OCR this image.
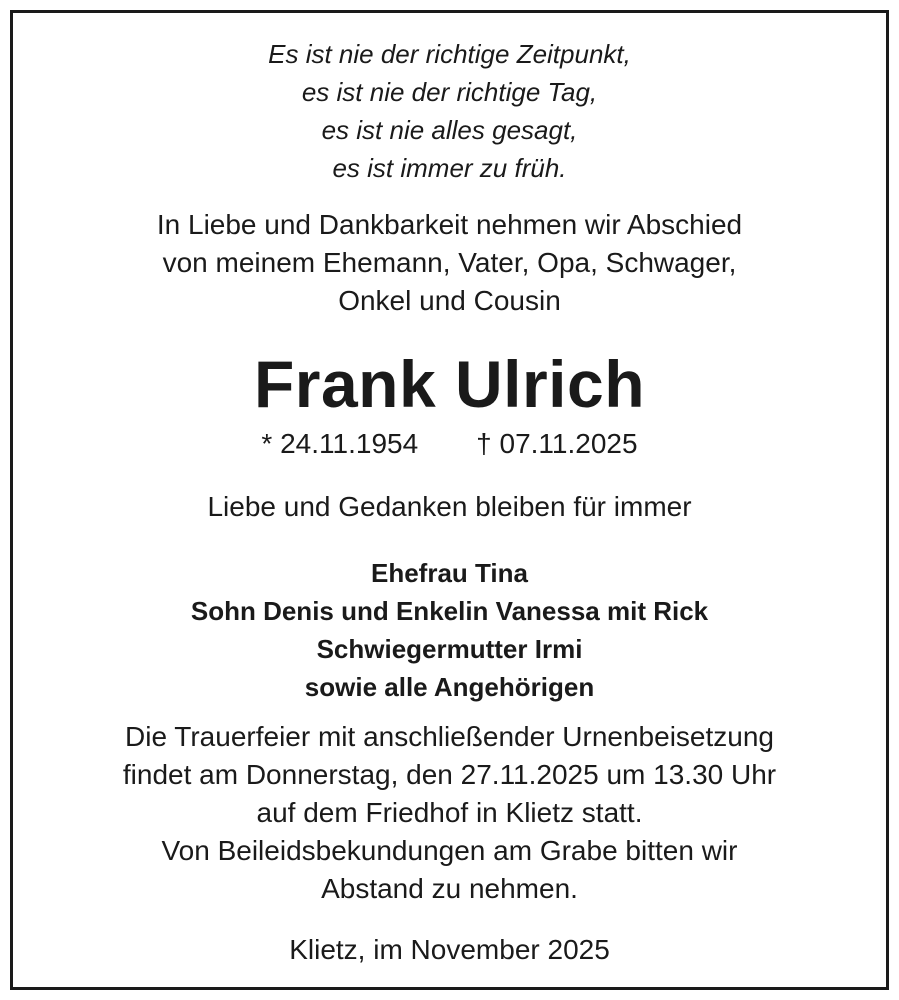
Es ist nie der richtige Zeitpunkt,
es ist nie der richtige Tag,
es ist nie alles gesagt,
es ist immer zu früh.
In Liebe und Dankbarkeit nehmen wir Abschied
von meinem Ehemann, Vater, Opa, Schwager,
Onkel und Cousin
Frank Ulrich
* 24.11.1954 † 07.11.2025
Liebe und Gedanken bleiben für immer
Ehefrau Tina
Sohn Denis und Enkelin Vanessa mit Rick
Schwiegermutter Irmi
sowie alle Angehörigen
Die Trauerfeier mit anschließender Urnenbeisetzung
findet am Donnerstag, den 27.11.2025 um 13.30 Uhr
auf dem Friedhof in Klietz statt.
Von Beileidsbekundungen am Grabe bitten wir
Abstand zu nehmen.
Klietz, im November 2025
